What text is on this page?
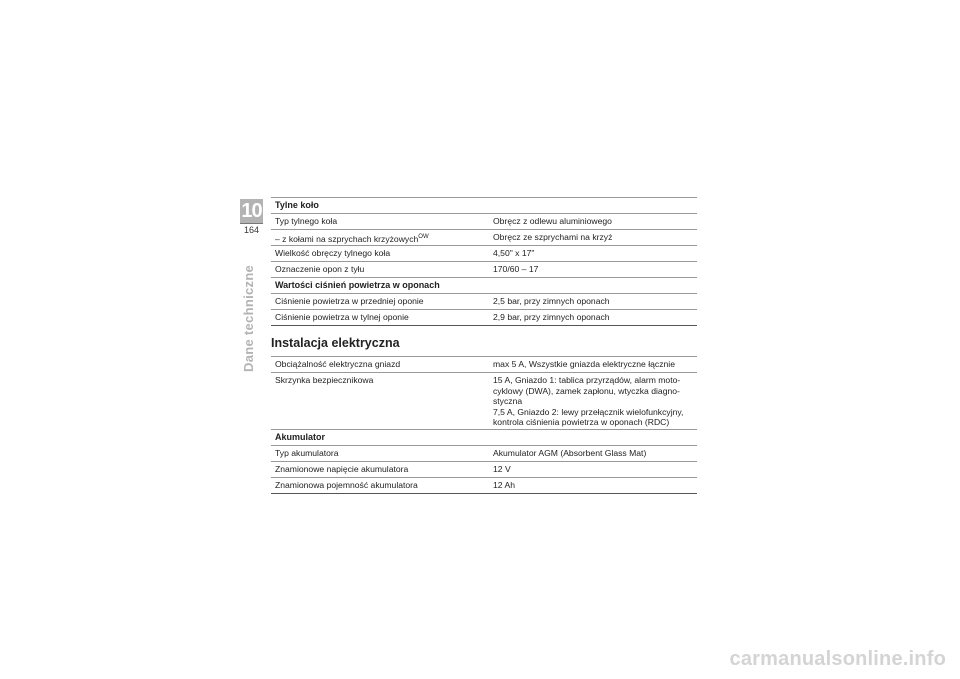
10
164
Dane techniczne
Tylne koło	
Typ tylnego koła	Obręcz z odlewu aluminiowego
– z kołami na szprychach krzyżowych$^{OW}$	Obręcz ze szprychami na krzyż
Wielkość obręczy tylnego koła	4,50" x 17"
Oznaczenie opon z tyłu	170/60 – 17
Wartości ciśnień powietrza w oponach	
Ciśnienie powietrza w przedniej oponie	2,5 bar, przy zimnych oponach
Ciśnienie powietrza w tylnej oponie	2,9 bar, przy zimnych oponach
Instalacja elektryczna
Obciążalność elektryczna gniazd	max 5 A, Wszystkie gniazda elektryczne łącznie
Skrzynka bezpiecznikowa	15 A, Gniazdo 1: tablica przyrządów, alarm moto-
cyklowy (DWA), zamek zapłonu, wtyczka diagno-
styczna
7,5 A, Gniazdo 2: lewy przełącznik wielofunkcyjny,
kontrola ciśnienia powietrza w oponach (RDC)
Akumulator	
Typ akumulatora	Akumulator AGM (Absorbent Glass Mat)
Znamionowe napięcie akumulatora	12 V
Znamionowa pojemność akumulatora	12 Ah
carmanualsonline.info
